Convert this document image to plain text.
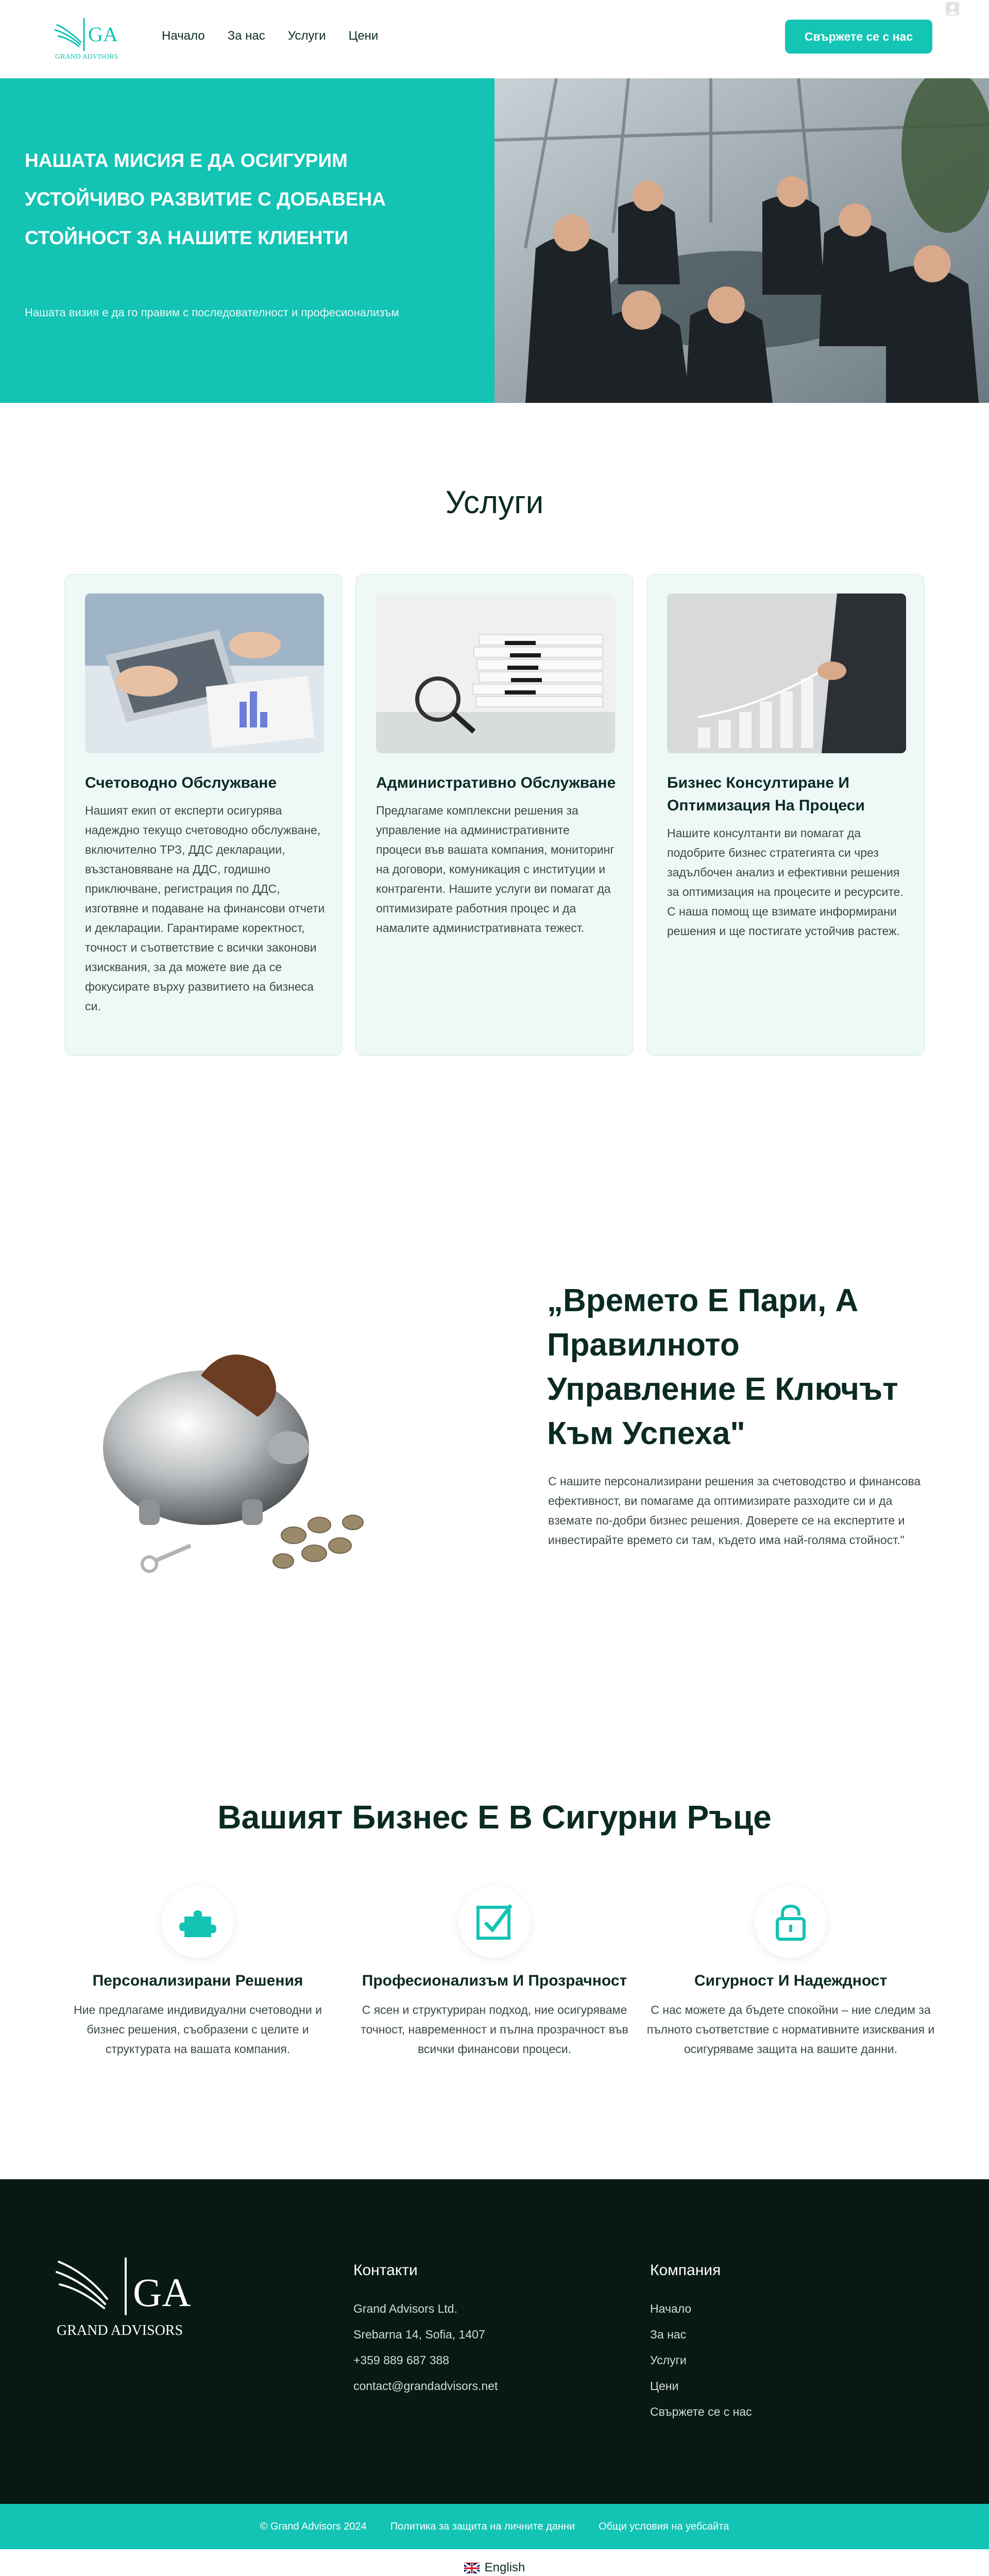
GA
GRAND ADVISORS
Начало За нас Услуги Цени	Свържете се с нас
НАШАТА МИСИЯ Е ДА ОСИГУРИМ УСТОЙЧИВО РАЗВИТИЕ С ДОБАВЕНА СТОЙНОСТ ЗА НАШИТЕ КЛИЕНТИ
Нашата визия е да го правим с последователност и професионализъм
Услуги
Счетоводно Обслужване
Нашият екип от експерти осигурява надеждно текущо счетоводно обслужване, включително ТРЗ, ДДС декларации, възстановяване на ДДС, годишно приключване, регистрация по ДДС, изготвяне и подаване на финансови отчети и декларации. Гарантираме коректност, точност и съответствие с всички законови изисквания, за да можете вие да се фокусирате върху развитието на бизнеса си.
Административно Обслужване
Предлагаме комплексни решения за управление на административните процеси във вашата компания, мониторинг на договори, комуникация с институции и контрагенти. Нашите услуги ви помагат да оптимизирате работния процес и да намалите административната тежест.
Бизнес Консултиране И Оптимизация На Процеси
Нашите консултанти ви помагат да подобрите бизнес стратегията си чрез задълбочен анализ и ефективни решения за оптимизация на процесите и ресурсите. С наша помощ ще взимате информирани решения и ще постигате устойчив растеж.
„Времето Е Пари, А Правилното Управление Е Ключът Към Успеха"
С нашите персонализирани решения за счетоводство и финансова ефективност, ви помагаме да оптимизирате разходите си и да вземате по-добри бизнес решения. Доверете се на експертите и инвестирайте времето си там, където има най-голяма стойност."
Вашият Бизнес Е В Сигурни Ръце
Персонализирани Решения
Ние предлагаме индивидуални счетоводни и бизнес решения, съобразени с целите и структурата на вашата компания.
Професионализъм И Прозрачност
С ясен и структуриран подход, ние осигуряваме точност, навременност и пълна прозрачност във всички финансови процеси.
Сигурност И Надеждност
С нас можете да бъдете спокойни – ние следим за пълното съответствие с нормативните изисквания и осигуряваме защита на вашите данни.
GA
GRAND ADVISORS
Контакти
Grand Advisors Ltd.
Srebarna 14, Sofia, 1407
+359 889 687 388
contact@grandadvisors.net
Компания
Начало
За нас
Услуги
Цени
Свържете се с нас
© Grand Advisors 2024 Политика за защита на личните данни Общи условия на уебсайта
English
